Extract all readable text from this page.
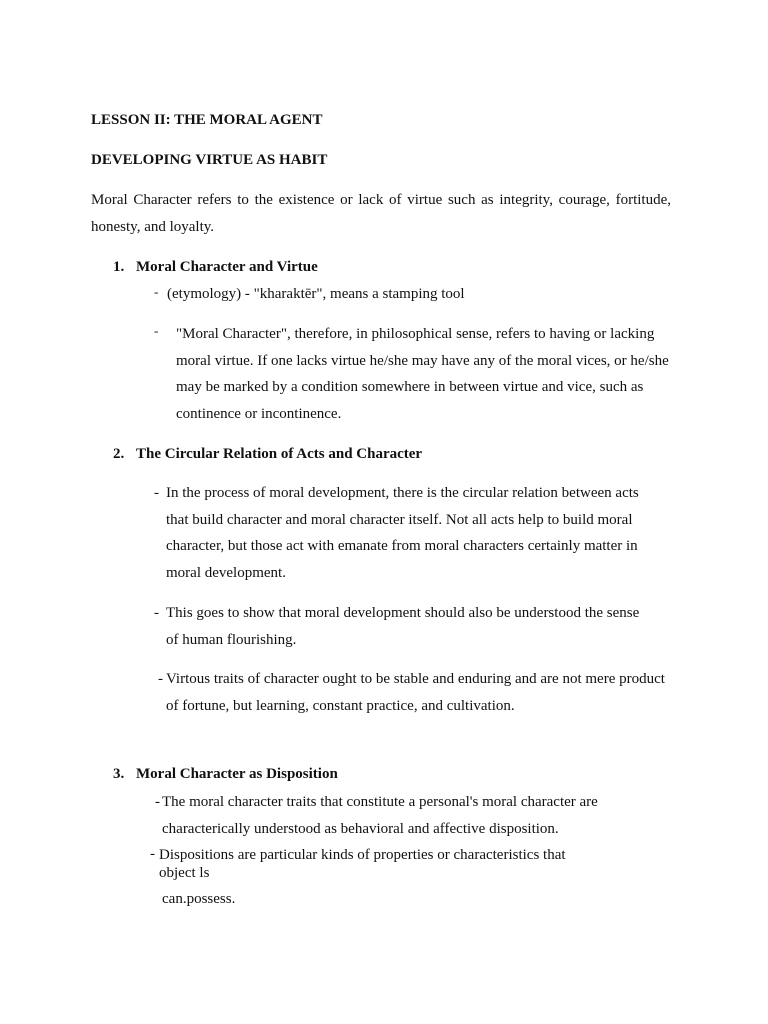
LESSON II: THE MORAL AGENT
DEVELOPING VIRTUE AS HABIT
Moral Character refers to the existence or lack of virtue such as integrity, courage, fortitude, honesty, and loyalty.
1. Moral Character and Virtue
- (etymology) - "kharaktēr", means a stamping tool
- "Moral Character", therefore, in philosophical sense, refers to having or lacking moral virtue. If one lacks virtue he/she may have any of the moral vices, or he/she may be marked by a condition somewhere in between virtue and vice, such as continence or incontinence.
2. The Circular Relation of Acts and Character
- In the process of moral development, there is the circular relation between acts that build character and moral character itself. Not all acts help to build moral character, but those act with emanate from moral characters certainly matter in moral development.
- This goes to show that moral development should also be understood the sense of human flourishing.
- Virtous traits of character ought to be stable and enduring and are not mere product of fortune, but learning, constant practice, and cultivation.
3. Moral Character as Disposition
- The moral character traits that constitute a personal's moral character are characterically understood as behavioral and affective disposition.
- Dispositions are particular kinds of properties or characteristics that object ls
can.possess.
